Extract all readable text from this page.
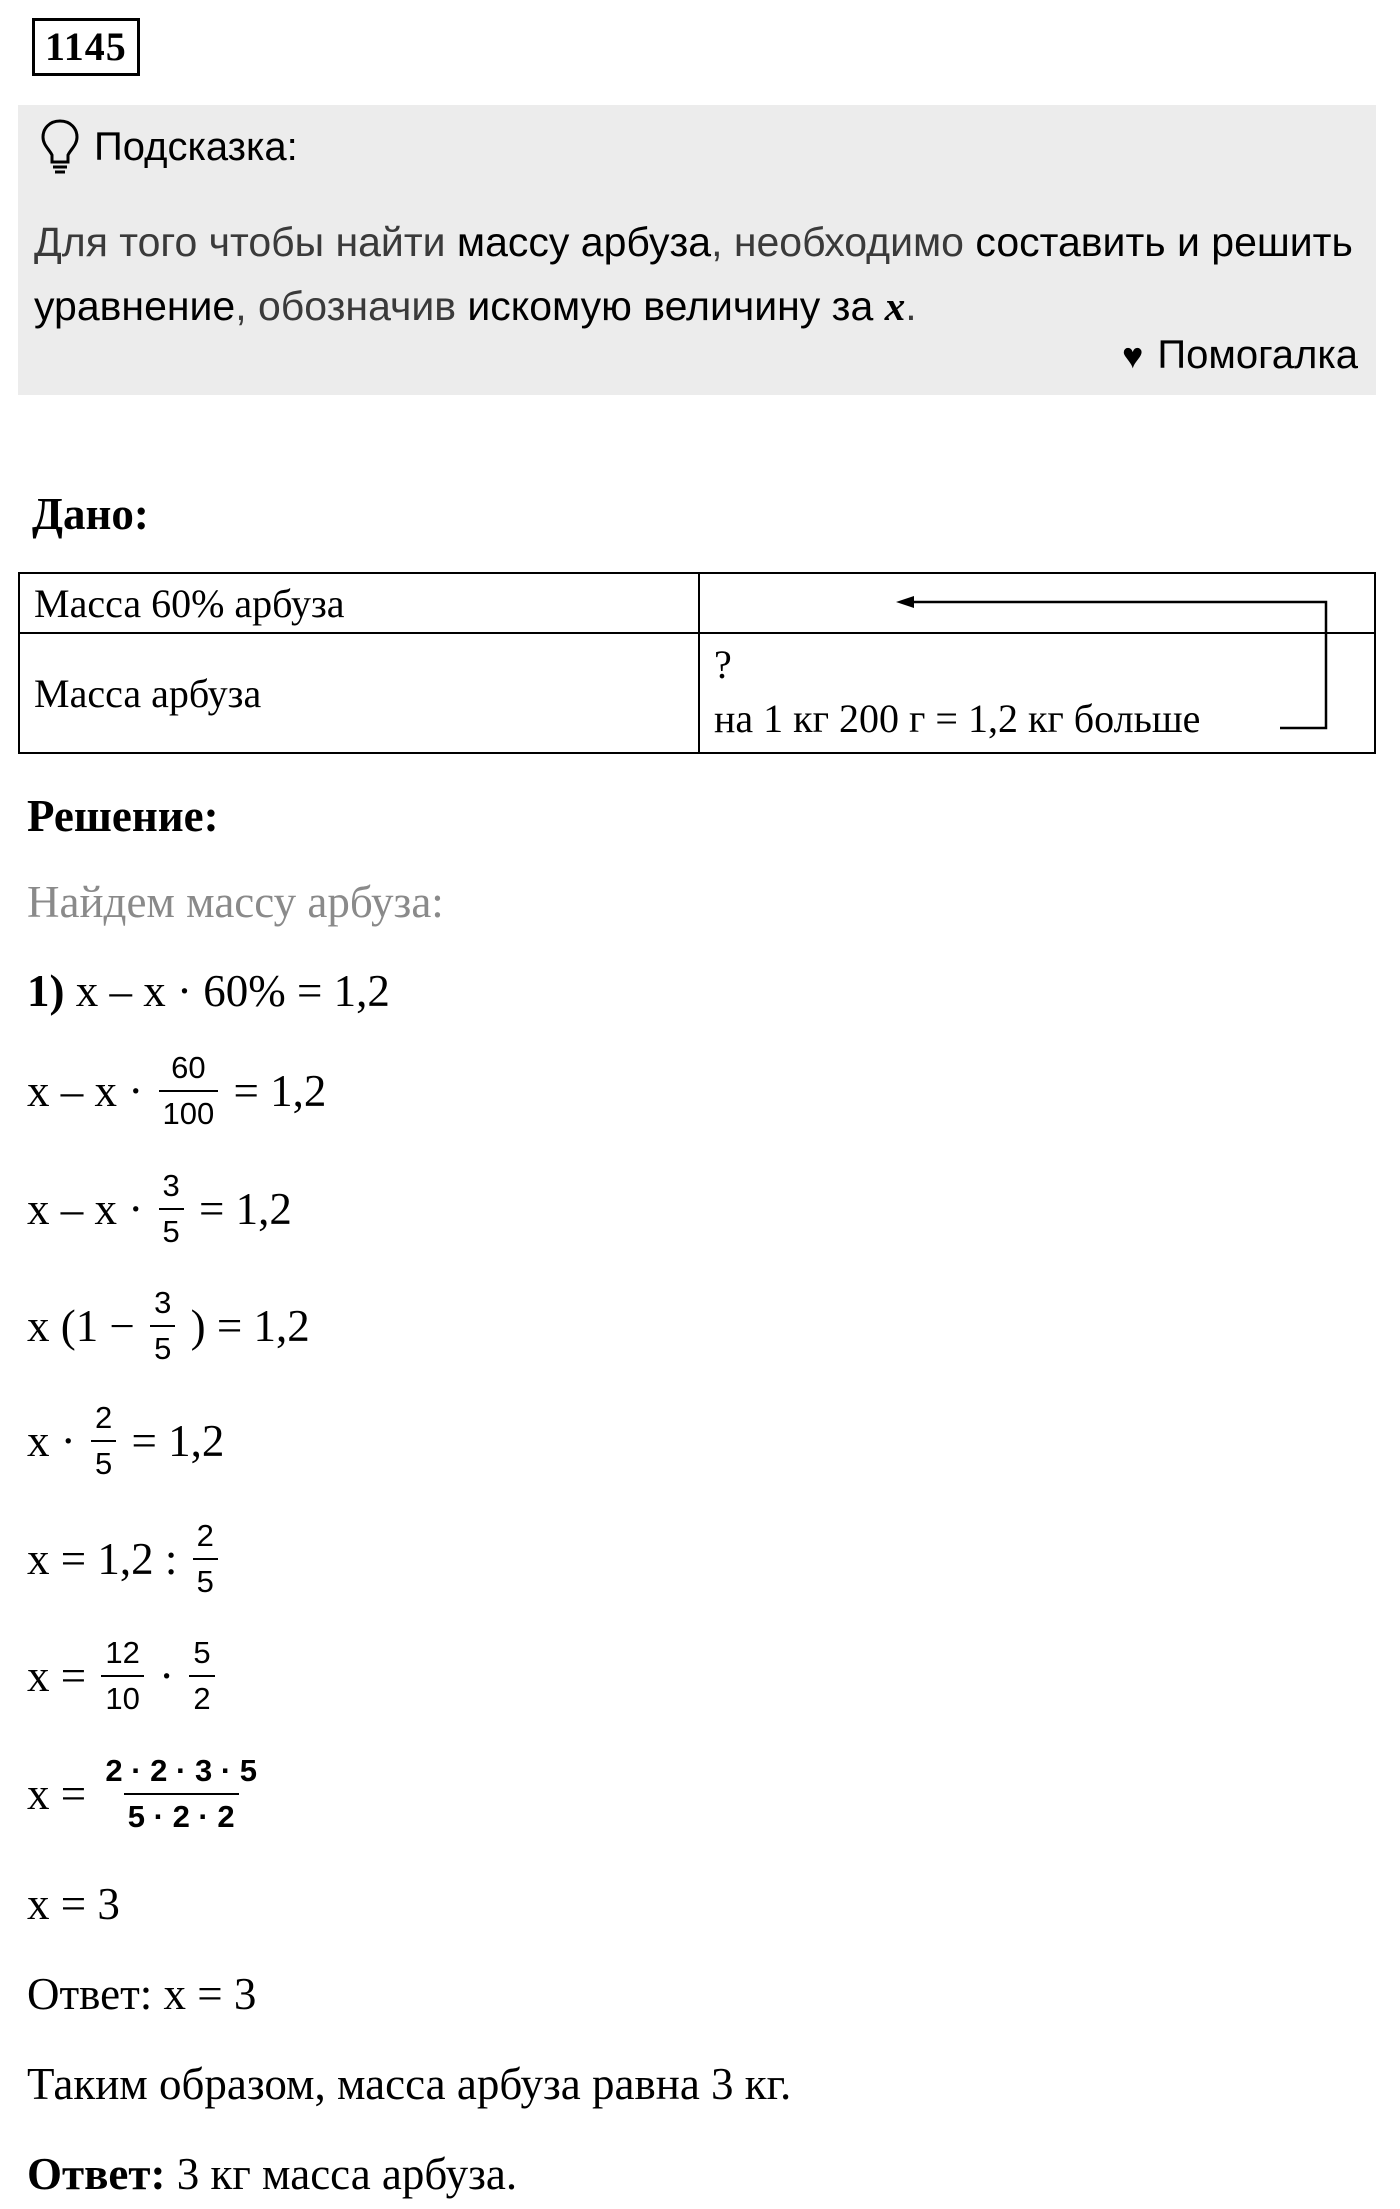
1145
Подсказка:
Для того чтобы найти массу арбуза, необходимо составить и решить уравнение, обозначив искомую величину за x.
♥ Помогалка
Дано:
Масса 60% арбуза	
Масса арбуза	?
на 1 кг 200 г = 1,2 кг больше
Решение:
Найдем массу арбуза:
1) x – x · 60% = 1,2
$x - x \cdot \frac{60}{100} = 1,2$
$x - x \cdot \frac{3}{5} = 1,2$
x ($1 - \frac{3}{5}$ ) = 1,2
$x \cdot \frac{2}{5} = 1,2$
x = 1,2 : $\frac{2}{5}$
$x = \frac{12}{10} \cdot \frac{5}{2}$
$x = \frac{2 \cdot 2 \cdot 3 \cdot 5}{5 \cdot 2 \cdot 2}$
x = 3
Ответ: x = 3
Таким образом, масса арбуза равна 3 кг.
Ответ: 3 кг масса арбуза.
